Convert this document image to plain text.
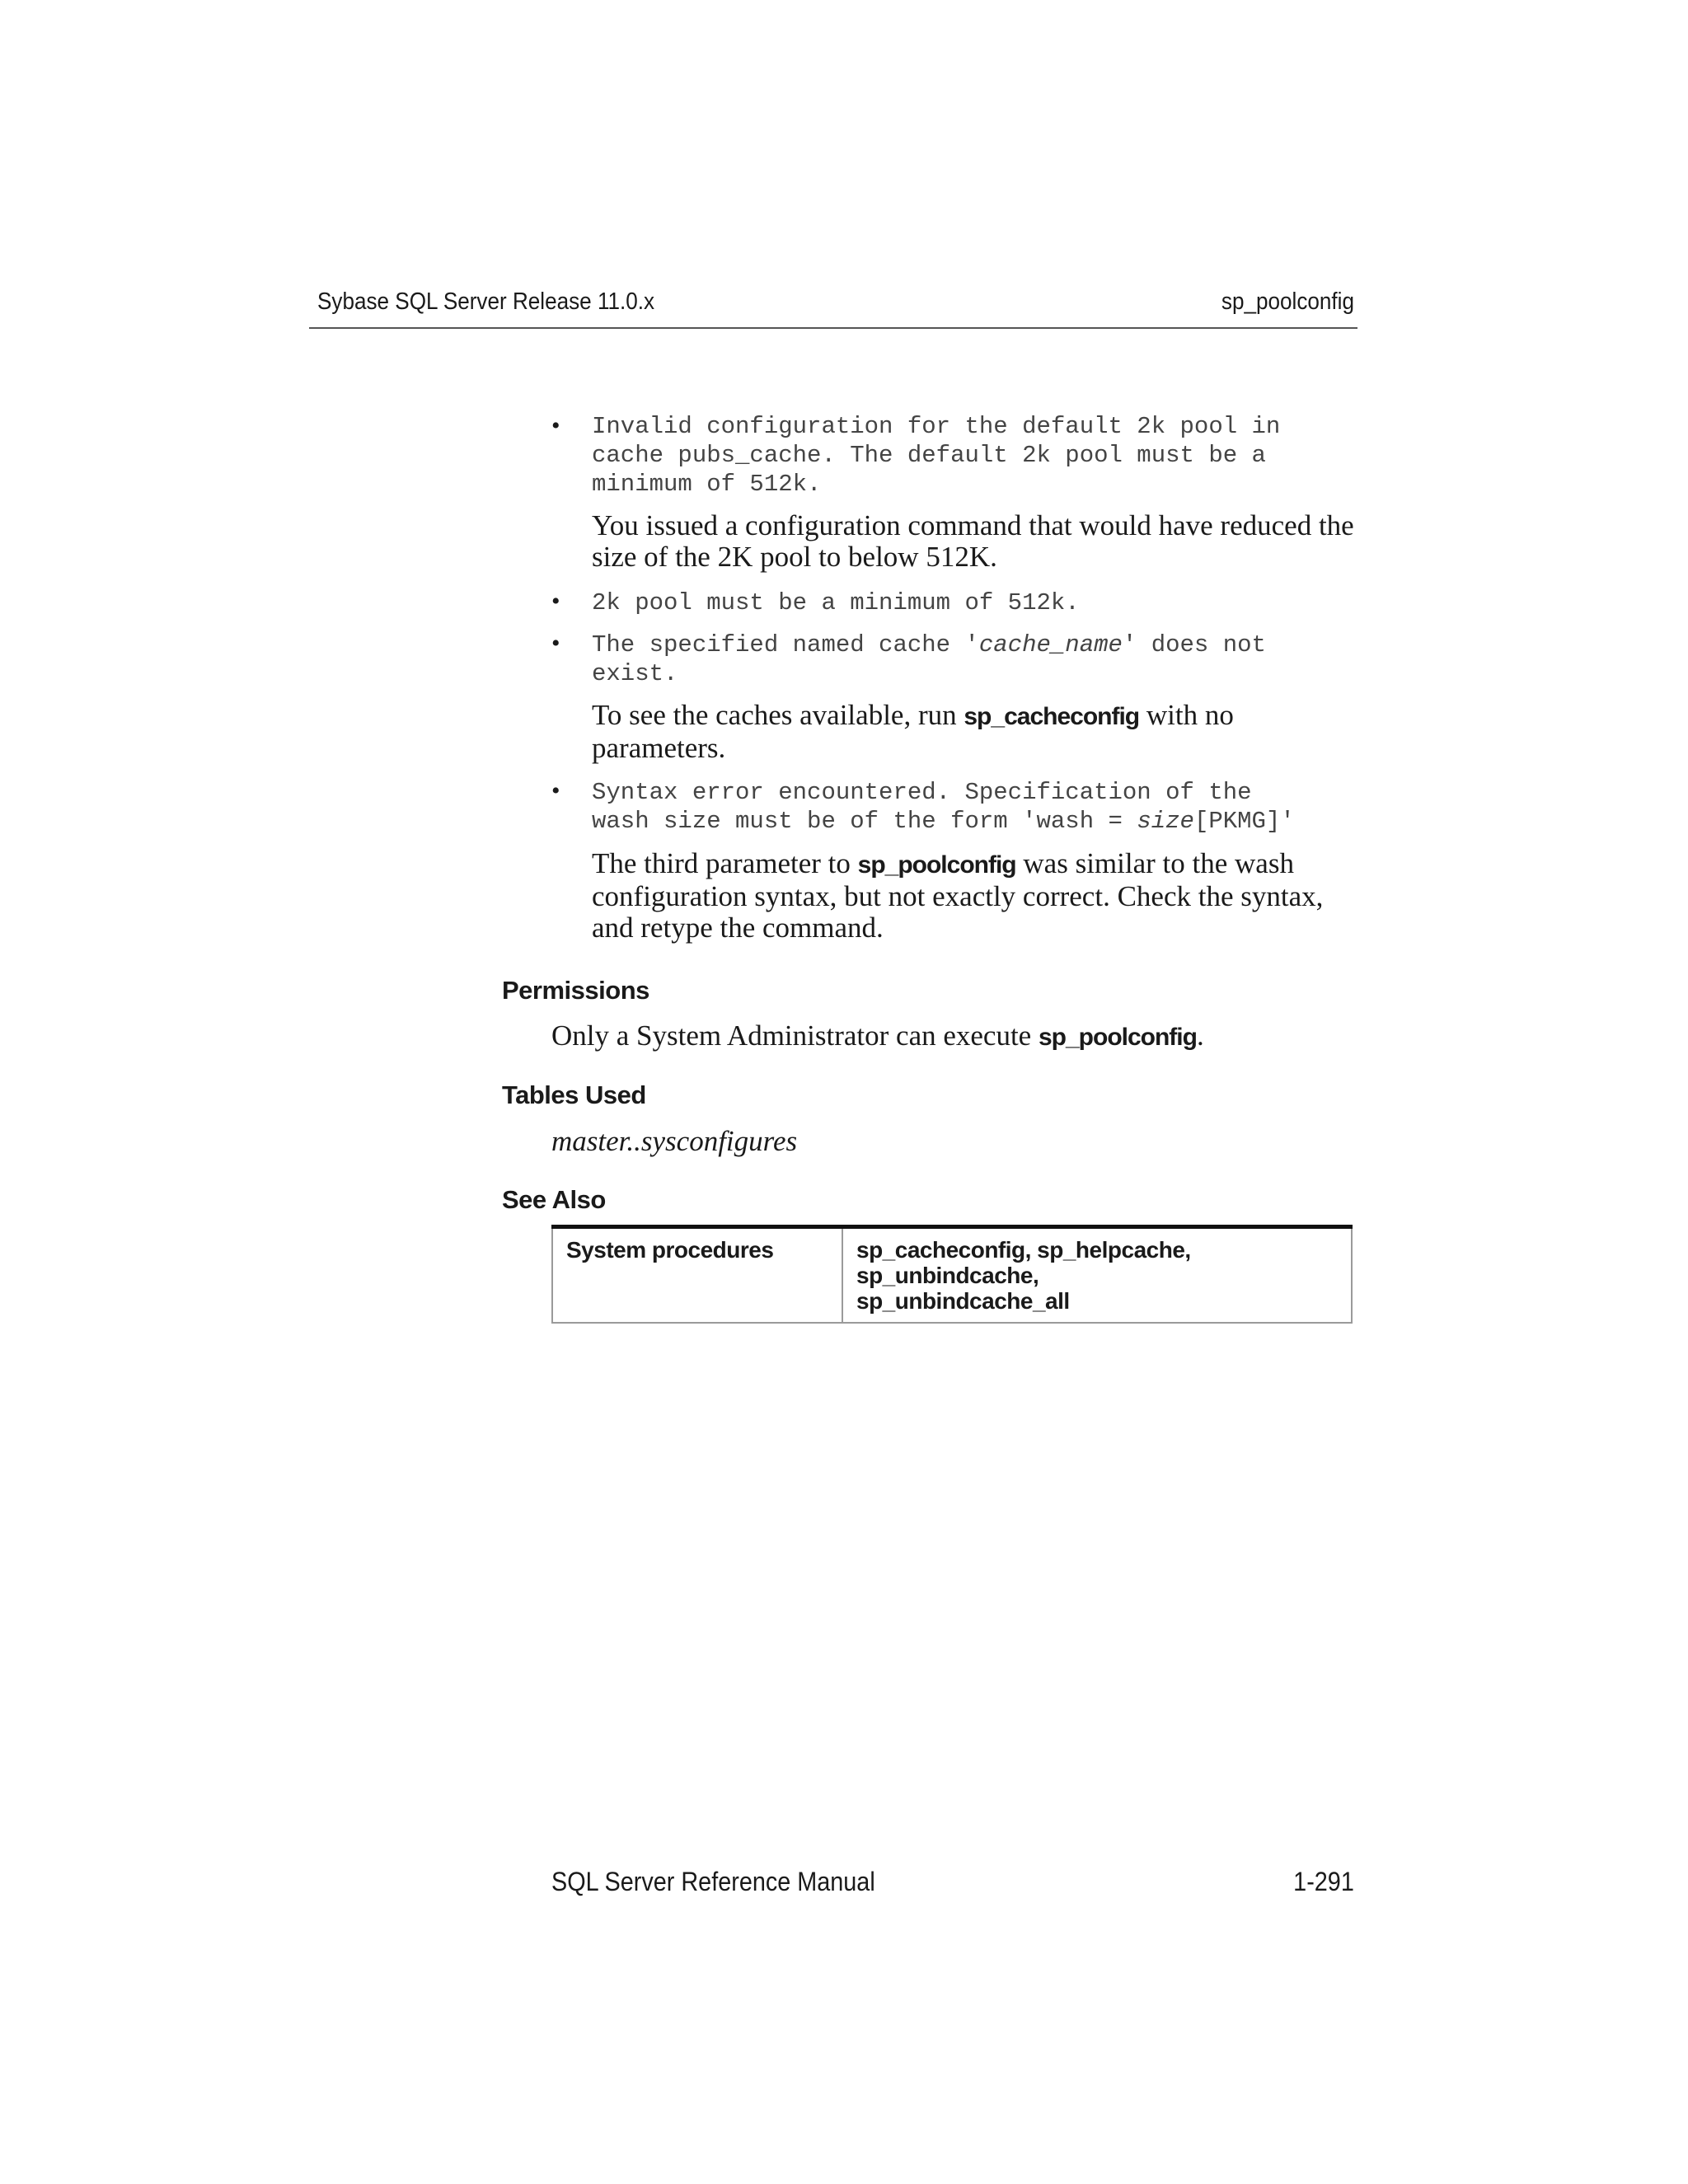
Sybase SQL Server Release 11.0.x	sp_poolconfig
• Invalid configuration for the default 2k pool in
cache pubs_cache. The default 2k pool must be a
minimum of 512k.
You issued a configuration command that would have reduced the size of the 2K pool to below 512K.
• 2k pool must be a minimum of 512k.
• The specified named cache 'cache_name' does not
exist.
To see the caches available, run sp_cacheconfig with no parameters.
• Syntax error encountered. Specification of the
wash size must be of the form 'wash = size[PKMG]'
The third parameter to sp_poolconfig was similar to the wash configuration syntax, but not exactly correct. Check the syntax, and retype the command.
Permissions
Only a System Administrator can execute sp_poolconfig.
Tables Used
master..sysconfigures
See Also
System procedures	sp_cacheconfig, sp_helpcache, sp_unbindcache,
sp_unbindcache_all
SQL Server Reference Manual	1-291
